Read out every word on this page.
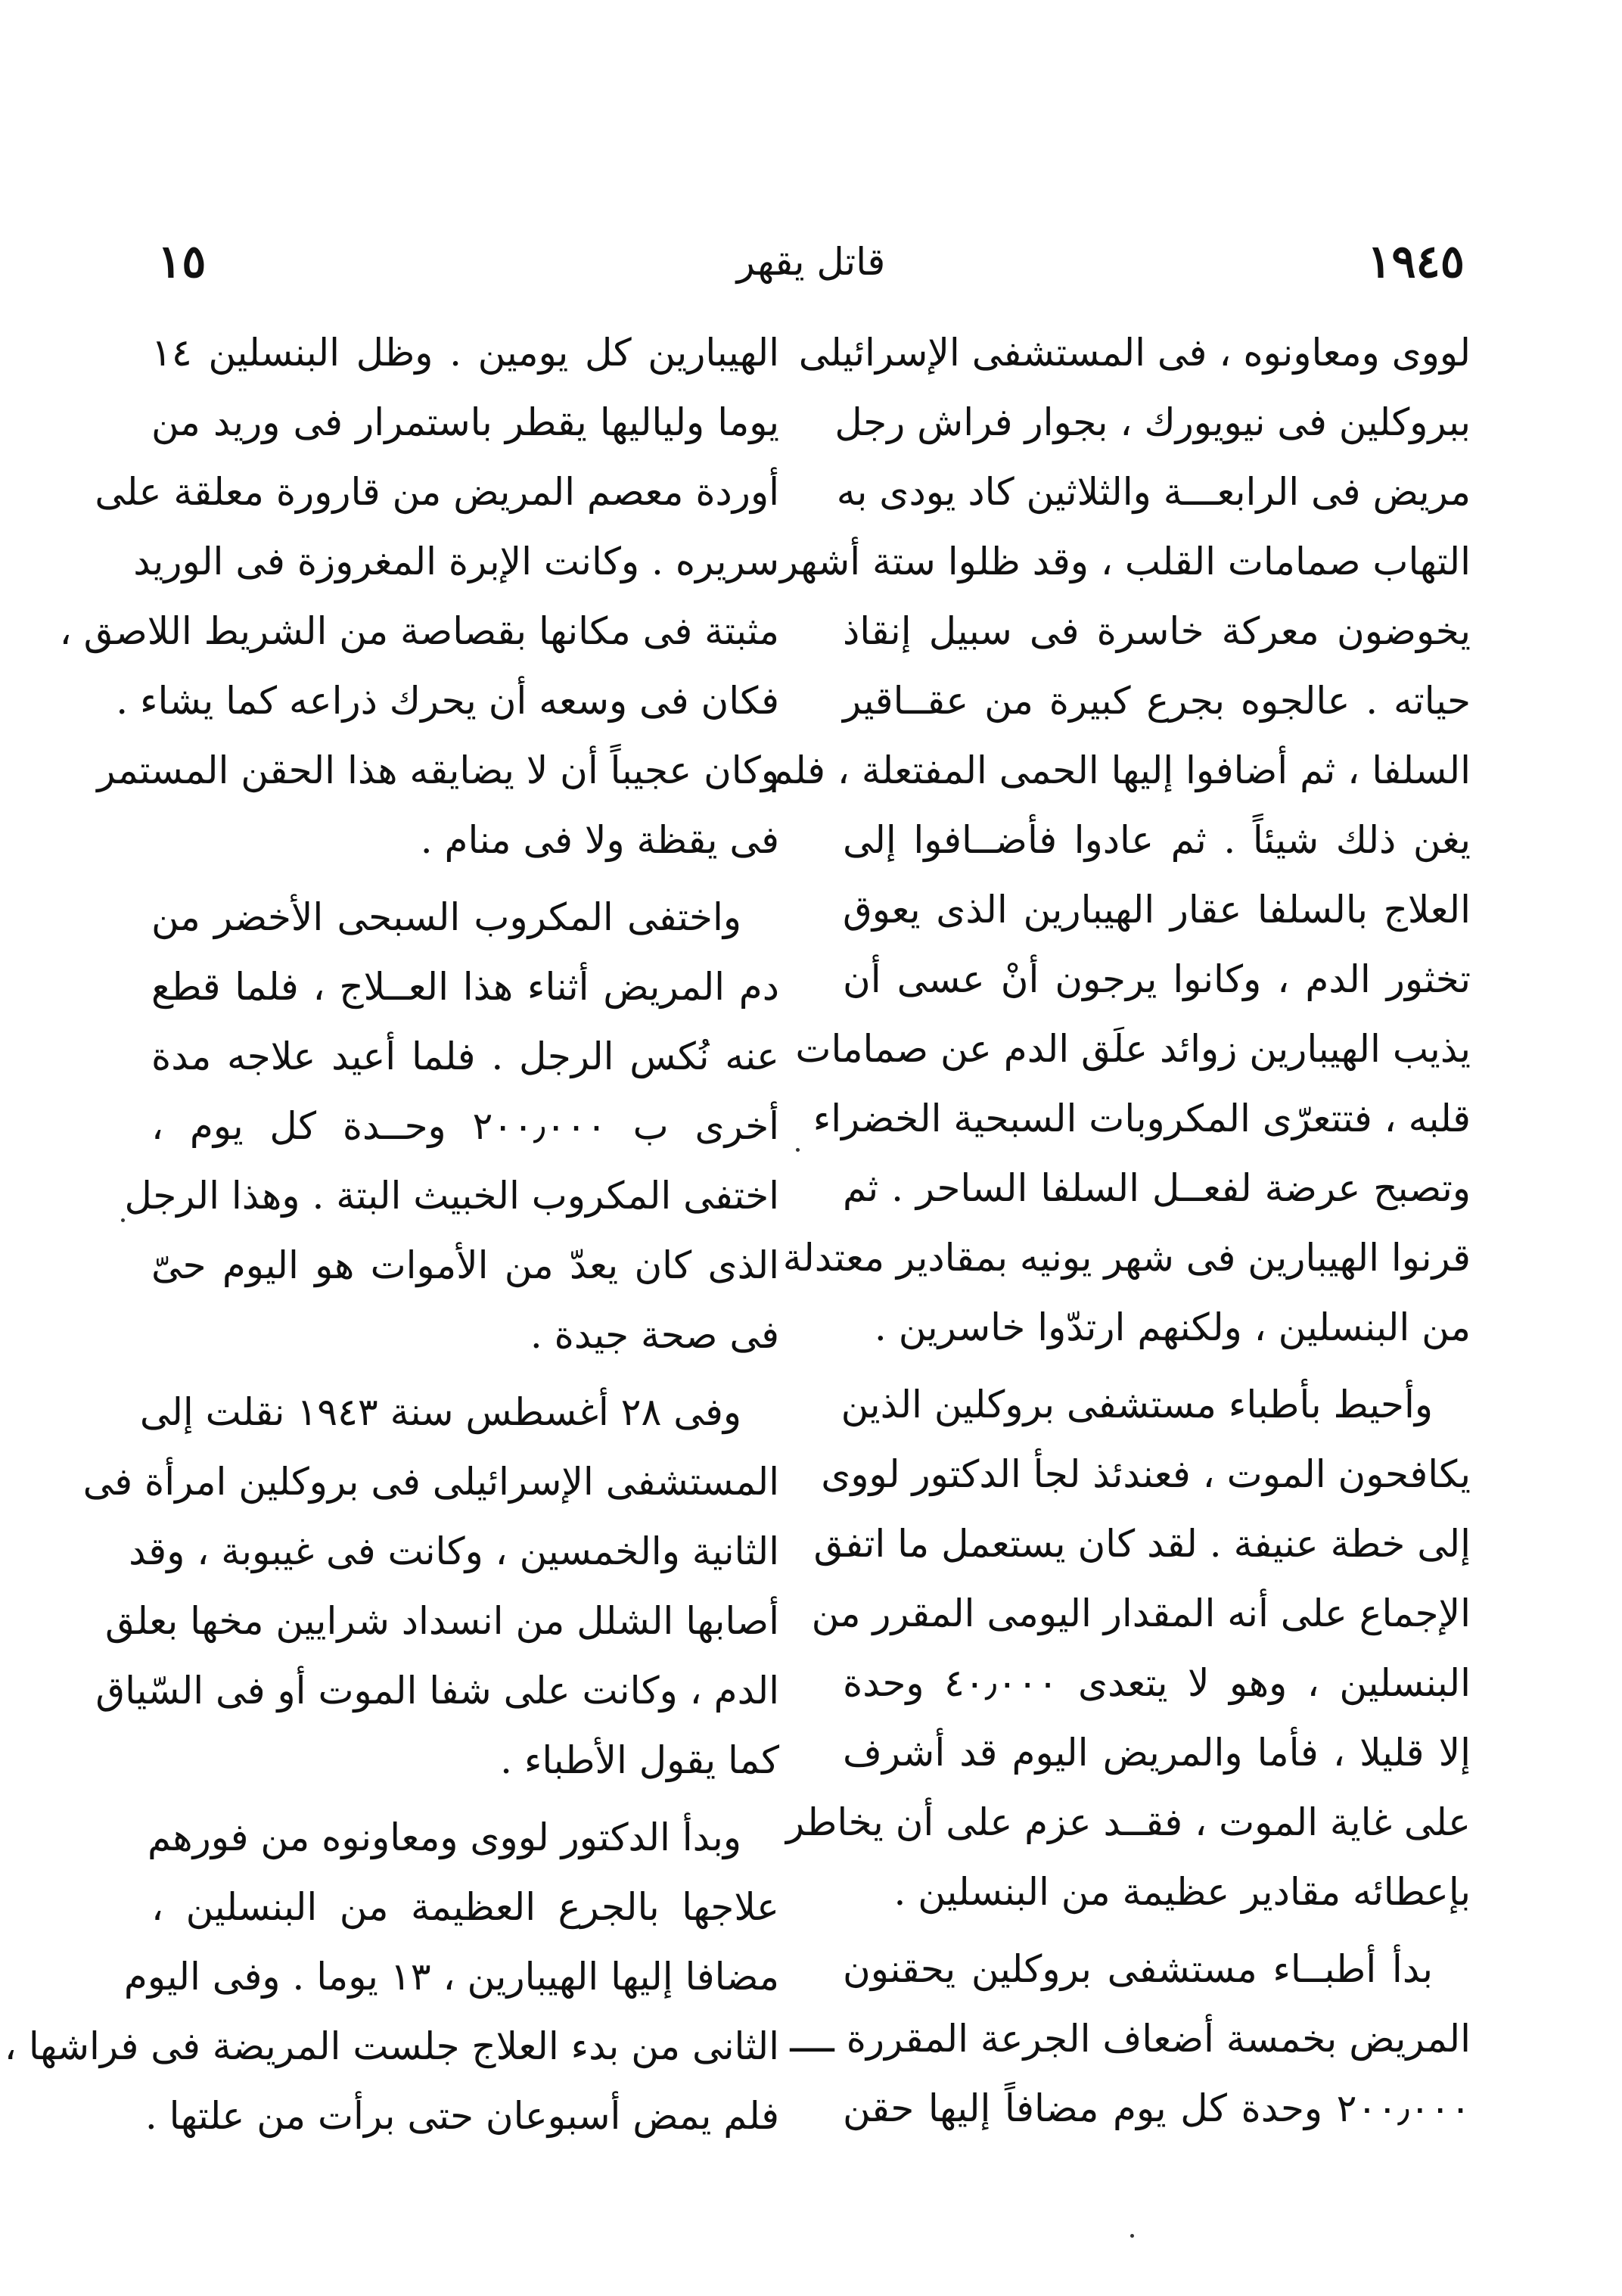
١٥	قاتل يقهر	١٩٤٥
لووى ومعاونوه ، فى المستشفى الإسرائيلى
ببروكلين فى نيويورك ، بجوار فراش رجل
مريض فى الرابعـــة والثلاثين كاد يودى به
التهاب صمامات القلب ، وقد ظلوا ستة أشهر
يخوضون معركة خاسرة فى سبيل إنقاذ
حياته . عالجوه بجرع كبيرة من عقــاقير
السلفا ، ثم أضافوا إليها الحمى المفتعلة ، فلم
يغن ذلك شيئاً . ثم عادوا فأضــافوا إلى
العلاج بالسلفا عقار الهيبارين الذى يعوق
تخثور الدم ، وكانوا يرجون أنْ عسى أن
يذيب الهيبارين زوائد علَق الدم عن صمامات
قلبه ، فتتعرّى المكروبات السبحية الخضراء
وتصبح عرضة لفعــل السلفا الساحر . ثم
قرنوا الهيبارين فى شهر يونيه بمقادير معتدلة
من البنسلين ، ولكنهم ارتدّوا خاسرين .
وأحيط بأطباء مستشفى بروكلين الذين
يكافحون الموت ، فعندئذ لجأ الدكتور لووى
إلى خطة عنيفة . لقد كان يستعمل ما اتفق
الإجماع على أنه المقدار اليومى المقرر من
البنسلين ، وهو لا يتعدى ٤٠٫٠٠٠ وحدة
إلا قليلا ، فأما والمريض اليوم قد أشرف
على غاية الموت ، فقــد عزم على أن يخاطر
بإعطائه مقادير عظيمة من البنسلين .
بدأ أطبــاء مستشفى بروكلين يحقنون
المريض بخمسة أضعاف الجرعة المقررة ــــ
٢٠٠٫٠٠٠ وحدة كل يوم مضافاً إليها حقن
الهيبارين كل يومين . وظل البنسلين ١٤
يوما ولياليها يقطر باستمرار فى وريد من
أوردة معصم المريض من قارورة معلقة على
سريره . وكانت الإبرة المغروزة فى الوريد
مثبتة فى مكانها بقصاصة من الشريط اللاصق ،
فكان فى وسعه أن يحرك ذراعه كما يشاء .
وكان عجيباً أن لا يضايقه هذا الحقن المستمر
فى يقظة ولا فى منام .
واختفى المكروب السبحى الأخضر من
دم المريض أثناء هذا العــلاج ، فلما قطع
عنه نُكس الرجل . فلما أعيد علاجه مدة
أخرى ب ٢٠٠٫٠٠٠ وحــدة كل يوم ،
اختفى المكروب الخبيث البتة . وهذا الرجل
الذى كان يعدّ من الأموات هو اليوم حىّ
فى صحة جيدة .
وفى ٢٨ أغسطس سنة ١٩٤٣ نقلت إلى
المستشفى الإسرائيلى فى بروكلين امرأة فى
الثانية والخمسين ، وكانت فى غيبوبة ، وقد
أصابها الشلل من انسداد شرايين مخها بعلق
الدم ، وكانت على شفا الموت أو فى السّياق
كما يقول الأطباء .
وبدأ الدكتور لووى ومعاونوه من فورهم
علاجها بالجرع العظيمة من البنسلين ،
مضافا إليها الهيبارين ، ١٣ يوما . وفى اليوم
الثانى من بدء العلاج جلست المريضة فى فراشها ،
فلم يمض أسبوعان حتى برأت من علتها .
